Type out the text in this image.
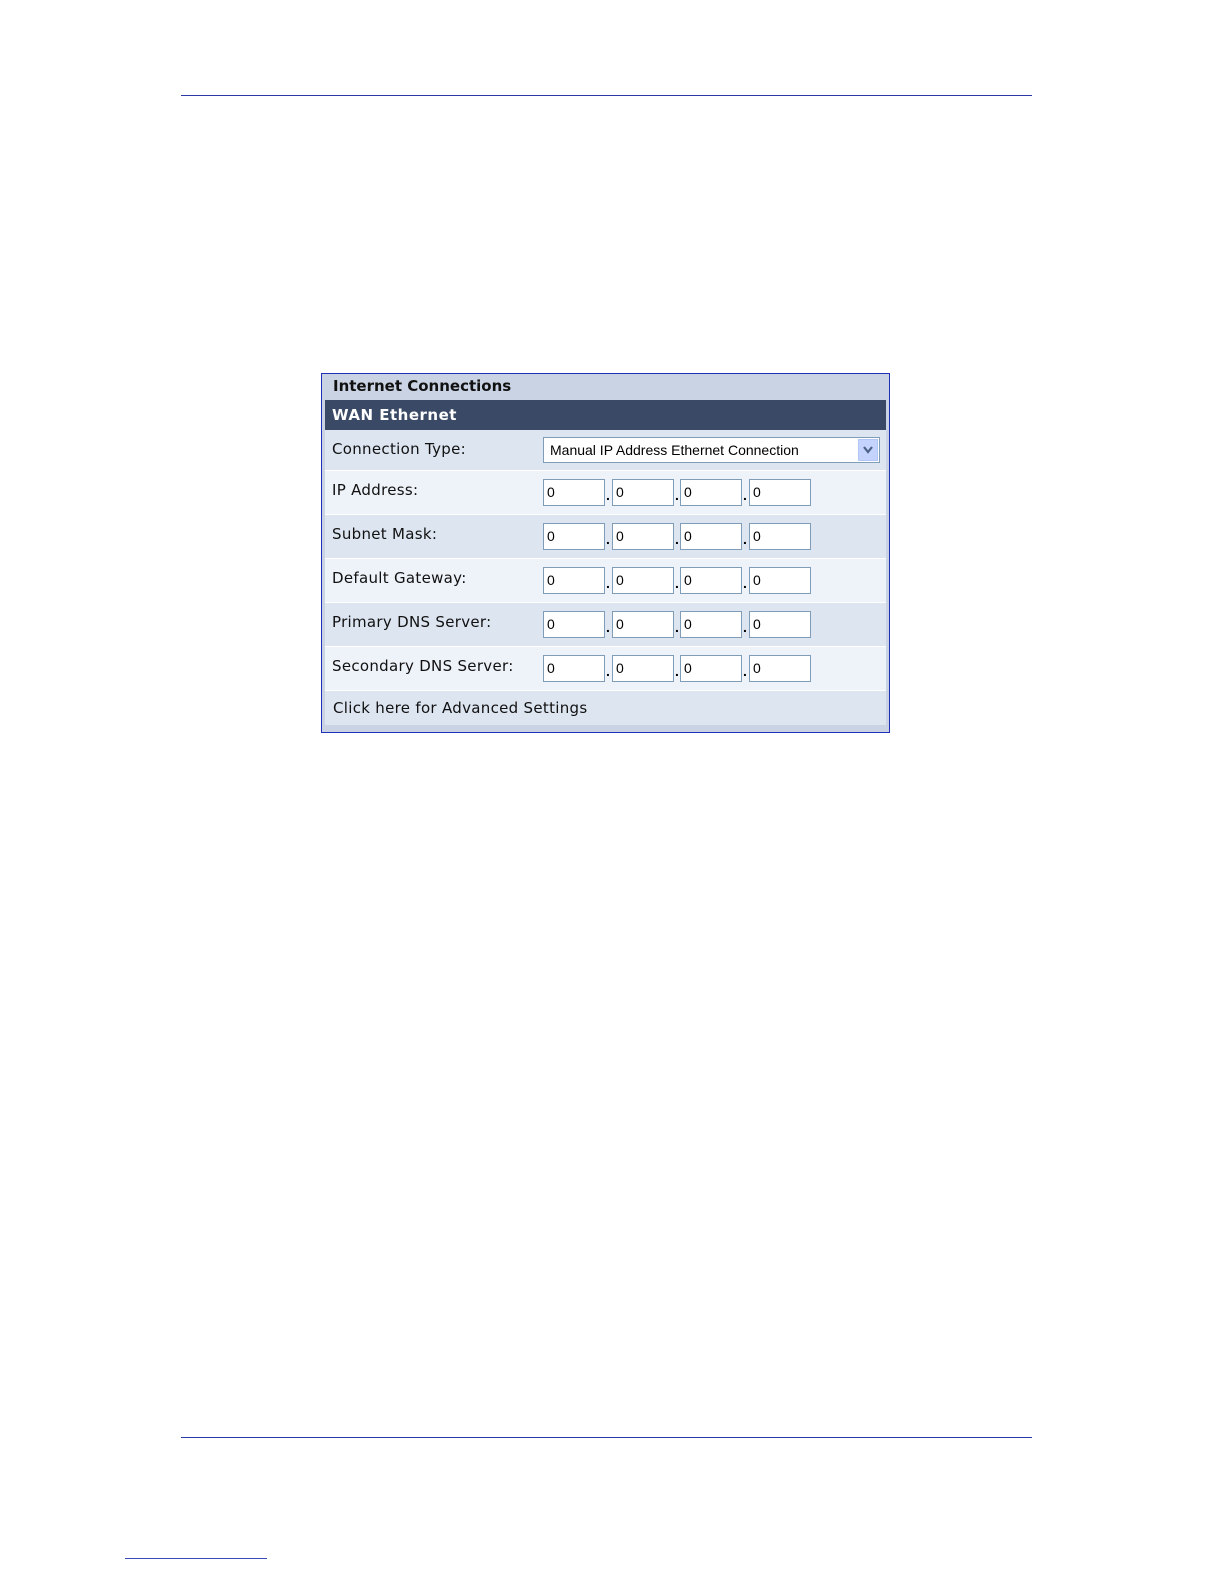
Internet Connections
WAN Ethernet
Connection Type:	Manual IP Address Ethernet Connection
IP Address:	0	. 0	. 0	. 0
Subnet Mask:	0	. 0	. 0	. 0
Default Gateway:	0	. 0	. 0	. 0
Primary DNS Server:	0	. 0	. 0	. 0
Secondary DNS Server: 0	. 0	. 0	. 0
Click here for Advanced Settings
